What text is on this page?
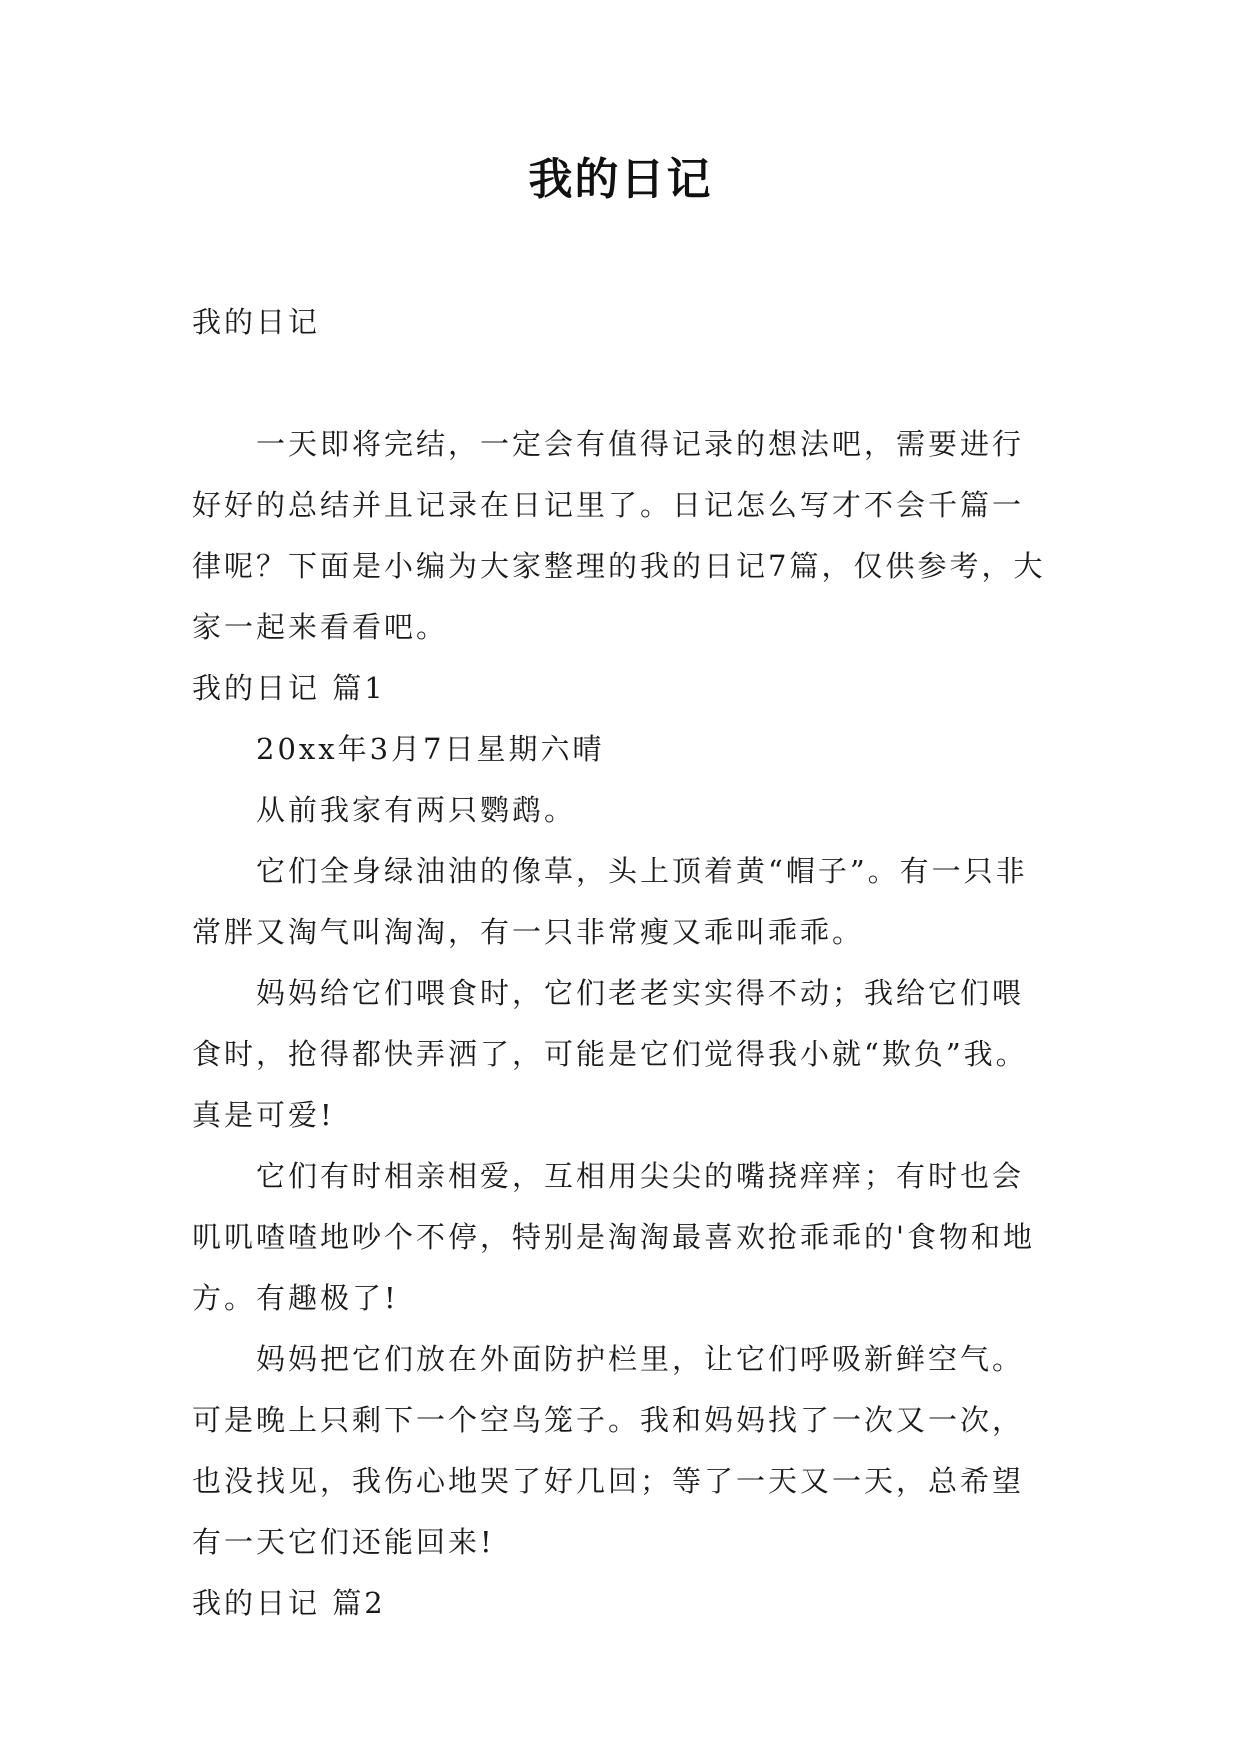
我的日记

我的日记

一天即将完结，一定会有值得记录的想法吧，需要进行好好的总结并且记录在日记里了。日记怎么写才不会千篇一律呢？下面是小编为大家整理的我的日记7篇，仅供参考，大家一起来看看吧。

我的日记 篇1

20xx年3月7日星期六晴

从前我家有两只鹦鹉。

它们全身绿油油的像草，头上顶着黄“帽子”。有一只非常胖又淘气叫淘淘，有一只非常瘦又乖叫乖乖。

妈妈给它们喂食时，它们老老实实得不动；我给它们喂食时，抢得都快弄洒了，可能是它们觉得我小就“欺负”我。真是可爱!

它们有时相亲相爱，互相用尖尖的嘴挠痒痒；有时也会叽叽喳喳地吵个不停，特别是淘淘最喜欢抢乖乖的'食物和地方。有趣极了!

妈妈把它们放在外面防护栏里，让它们呼吸新鲜空气。可是晚上只剩下一个空鸟笼子。我和妈妈找了一次又一次，也没找见，我伤心地哭了好几回；等了一天又一天，总希望有一天它们还能回来!

我的日记 篇2
